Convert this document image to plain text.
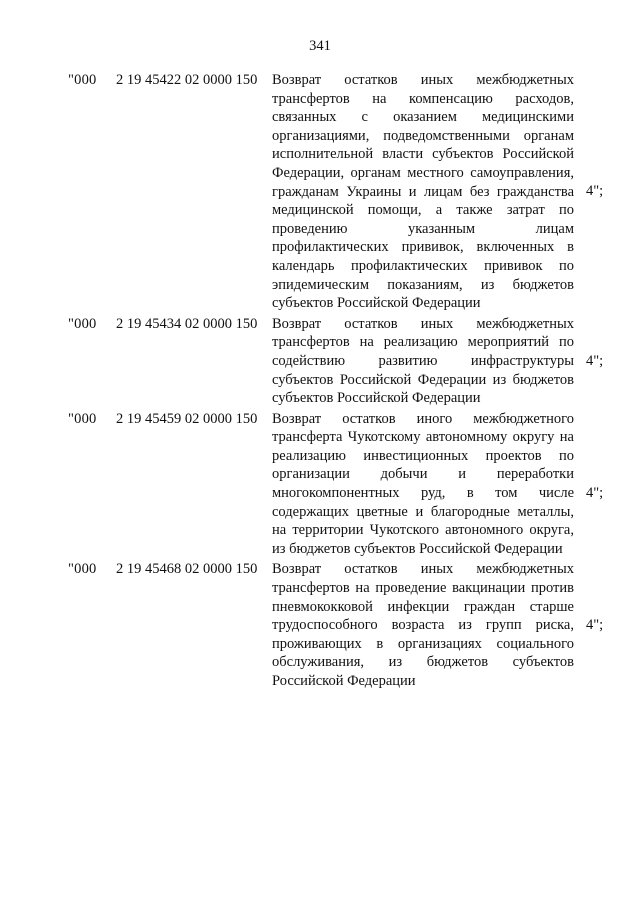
341
"000 2 19 45422 02 0000 150 Возврат остатков иных межбюджетных трансфертов на компенсацию расходов, связанных с оказанием медицинскими организациями, подведомственными органам исполнительной власти субъектов Российской Федерации, органам местного самоуправления, гражданам Украины и лицам без гражданства медицинской помощи, а также затрат по проведению указанным лицам профилактических прививок, включенных в календарь профилактических прививок по эпидемическим показаниям, из бюджетов субъектов Российской Федерации
4";
"000 2 19 45434 02 0000 150 Возврат остатков иных межбюджетных трансфертов на реализацию мероприятий по содействию развитию инфраструктуры субъектов Российской Федерации из бюджетов субъектов Российской Федерации
4";
"000 2 19 45459 02 0000 150 Возврат остатков иного межбюджетного трансферта Чукотскому автономному округу на реализацию инвестиционных проектов по организации добычи и переработки многокомпонентных руд, в том числе содержащих цветные и благородные металлы, на территории Чукотского автономного округа, из бюджетов субъектов Российской Федерации
4";
"000 2 19 45468 02 0000 150 Возврат остатков иных межбюджетных трансфертов на проведение вакцинации против пневмококковой инфекции граждан старше трудоспособного возраста из групп риска, проживающих в организациях социального обслуживания, из бюджетов субъектов Российской Федерации
4";
